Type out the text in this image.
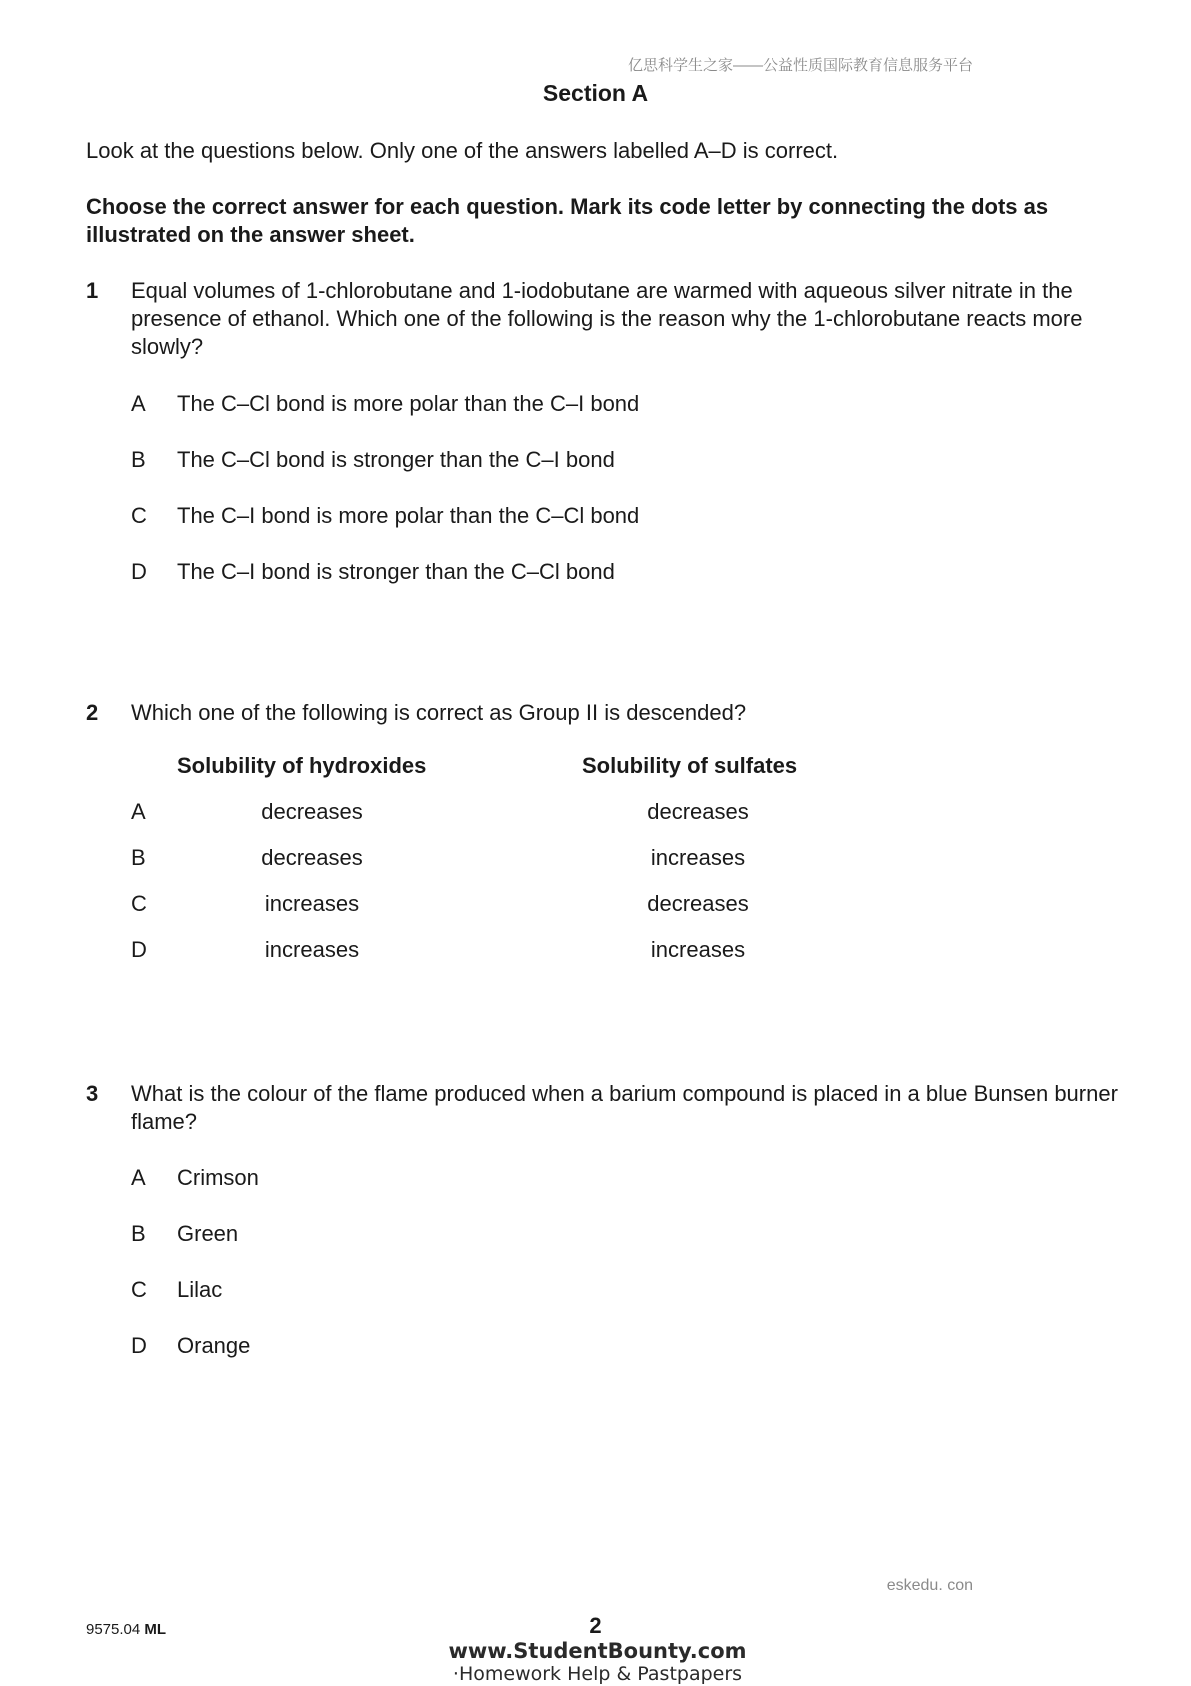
亿思科学生之家——公益性质国际教育信息服务平台
Section A
Look at the questions below. Only one of the answers labelled A–D is correct.
Choose the correct answer for each question. Mark its code letter by connecting the dots as illustrated on the answer sheet.
1 Equal volumes of 1-chlorobutane and 1-iodobutane are warmed with aqueous silver nitrate in the presence of ethanol. Which one of the following is the reason why the 1-chlorobutane reacts more slowly?
A The C–Cl bond is more polar than the C–I bond
B The C–Cl bond is stronger than the C–I bond
C The C–I bond is more polar than the C–Cl bond
D The C–I bond is stronger than the C–Cl bond
2 Which one of the following is correct as Group II is descended?
Solubility of hydroxides	Solubility of sulfates
A	decreases	decreases
B	decreases	increases
C	increases	decreases
D	increases	increases
3 What is the colour of the flame produced when a barium compound is placed in a blue Bunsen burner flame?
A Crimson
B Green
C Lilac
D Orange
eskedu. con
9575.04 ML	2
www.StudentBounty.com
·Homework Help & Pastpapers
